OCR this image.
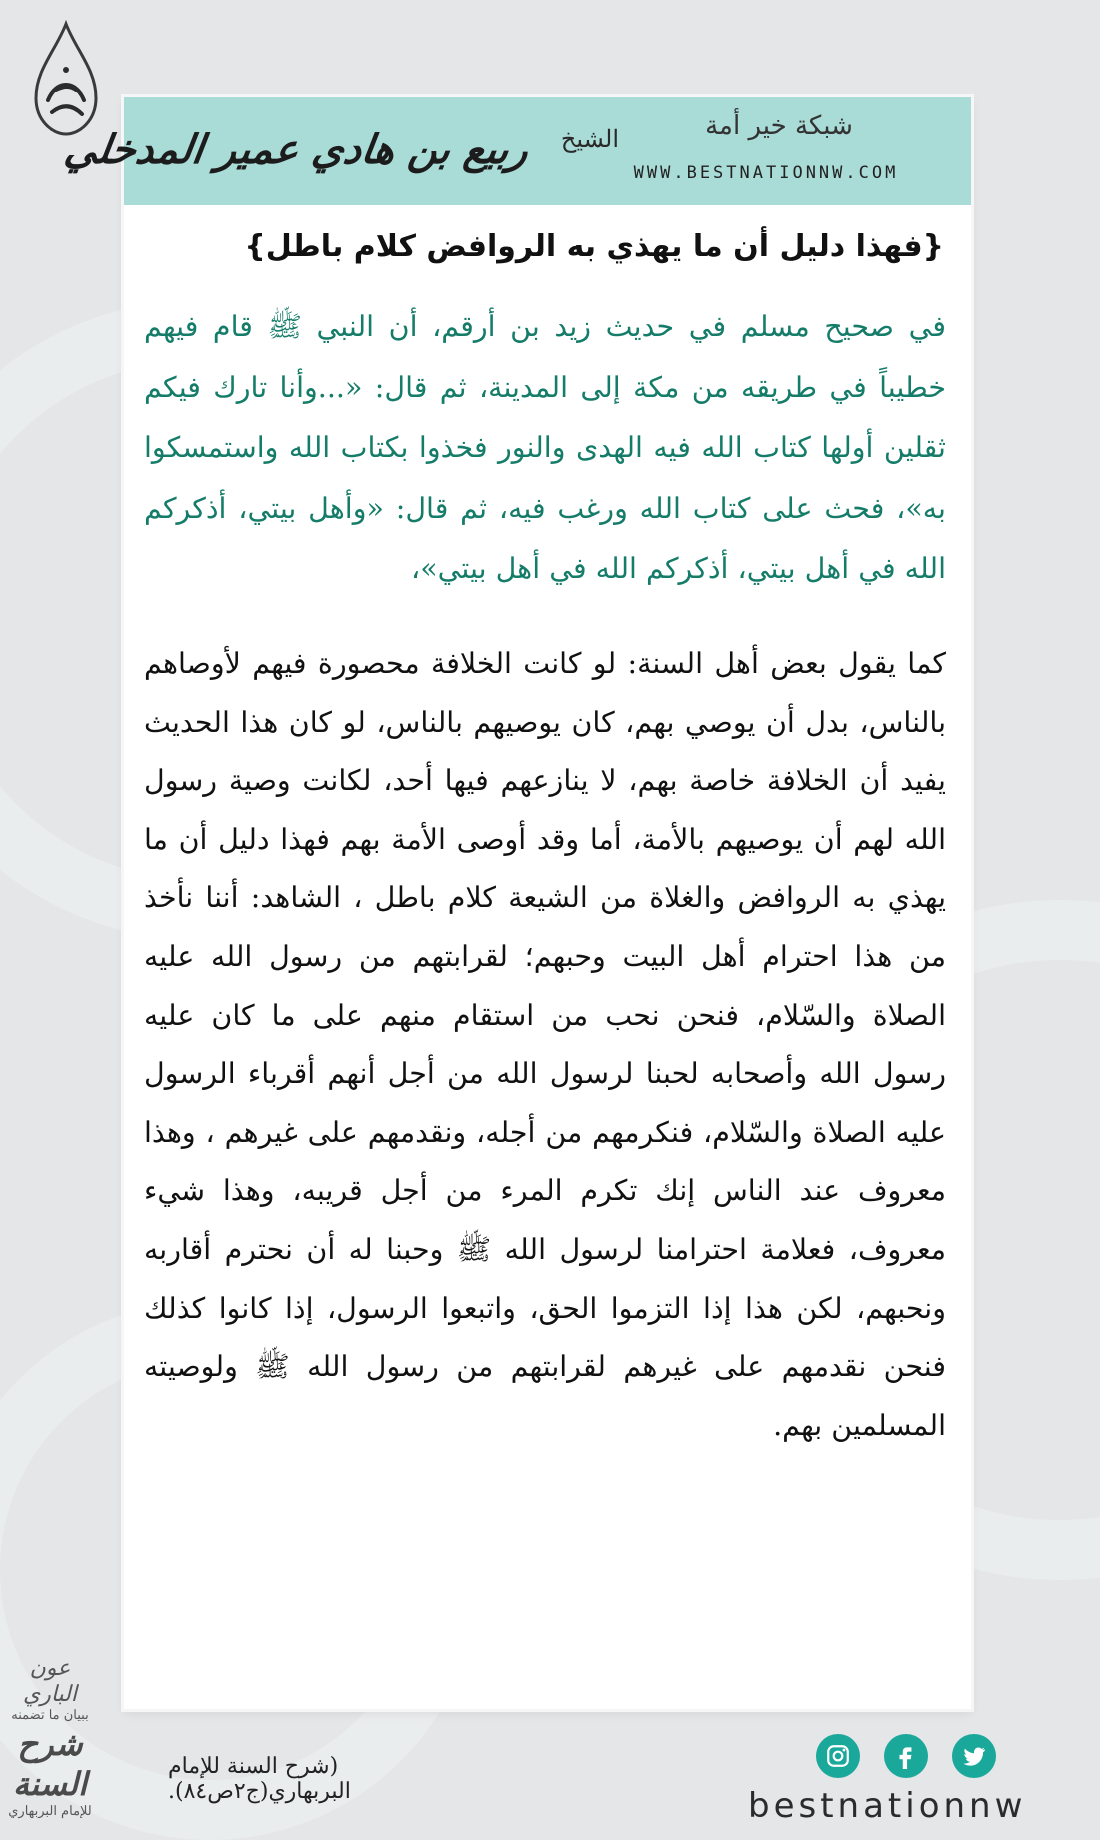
ربيع بن هادي عمير المدخلي	الشيخ	شبكة خير أمة
WWW.BESTNATIONNW.COM
{فهذا دليل أن ما يهذي به الروافض كلام باطل}
في صحيح مسلم في حديث زيد بن أرقم، أن النبي ﷺ قام فيهم خطيباً في طريقه من مكة إلى المدينة، ثم قال: «...وأنا تارك فيكم ثقلين أولها كتاب الله فيه الهدى والنور فخذوا بكتاب الله واستمسكوا به»، فحث على كتاب الله ورغب فيه، ثم قال: «وأهل بيتي، أذكركم الله في أهل بيتي، أذكركم الله في أهل بيتي»،
كما يقول بعض أهل السنة: لو كانت الخلافة محصورة فيهم لأوصاهم بالناس، بدل أن يوصي بهم، كان يوصيهم بالناس، لو كان هذا الحديث يفيد أن الخلافة خاصة بهم، لا ينازعهم فيها أحد، لكانت وصية رسول الله لهم أن يوصيهم بالأمة، أما وقد أوصى الأمة بهم فهذا دليل أن ما يهذي به الروافض والغلاة من الشيعة كلام باطل ، الشاهد: أننا نأخذ من هذا احترام أهل البيت وحبهم؛ لقرابتهم من رسول الله عليه الصلاة والسّلام، فنحن نحب من استقام منهم على ما كان عليه رسول الله وأصحابه لحبنا لرسول الله من أجل أنهم أقرباء الرسول عليه الصلاة والسّلام، فنكرمهم من أجله، ونقدمهم على غيرهم ، وهذا معروف عند الناس إنك تكرم المرء من أجل قريبه، وهذا شيء معروف، فعلامة احترامنا لرسول الله ﷺ وحبنا له أن نحترم أقاربه ونحبهم، لكن هذا إذا التزموا الحق، واتبعوا الرسول، إذا كانوا كذلك فنحن نقدمهم على غيرهم لقرابتهم من رسول الله ﷺ ولوصيته المسلمين بهم.
عون الباري
ببيان ما تضمنه
شرح السنة
للإمام البربهاري
(شرح السنة للإمام البربهاري(ج٢ص٨٤).	bestnationnw
